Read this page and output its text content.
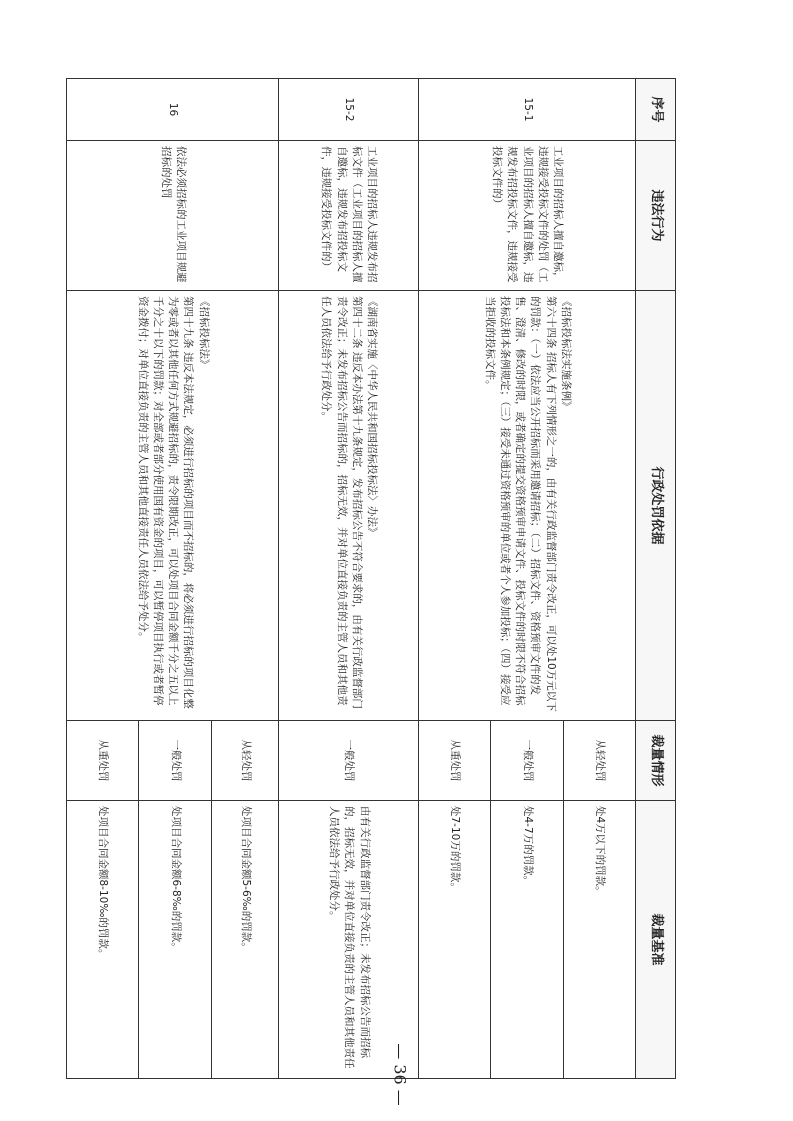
序号	违法行为	行政处罚依据	裁量情形	裁量基准
15-1	工业项目的招标人擅自邀标，违规接受投标文件的处罚（工业项目的招标人擅自邀标，违规发布招投标文件，违规接受投标文件的）	《招标投标法实施条例》
第六十四条 招标人有下列情形之一的，由有关行政监督部门责令改正，可以处10万元以下的罚款：（一）依法应当公开招标而采用邀请招标；（二）招标文件、资格预审文件的发售、澄清、修改的时限，或者确定的提交资格预审申请文件、投标文件的时限不符合招标投标法和本条例规定；（三）接受未通过资格预审的单位或者个人参加投标；（四）接受应当拒收的投标文件。	从轻处罚	处4万以下的罚款。
			一般处罚	处4-7万的罚款。
			从重处罚	处7-10万的罚款。
15-2	工业项目的招标人违规发布招标文件（工业项目的招标人擅自邀标，违规发布招投标文件，违规接受投标文件的）	《湖南省实施〈中华人民共和国招标投标法〉办法》
第四十二条 违反本办法第十九条规定，发布招标公告不符合要求的，由有关行政监督部门责令改正；未发布招标公告而招标的，招标无效，并对单位直接负责的主管人员和其他责任人员依法给予行政处分。	一般处罚	由有关行政监督部门责令改正；未发布招标公告而招标的，招标无效，并对单位直接负责的主管人员和其他责任人员依法给予行政处分。
16	依法必须招标的工业项目规避招标的处罚	《招标投标法》
第四十九条 违反本法规定，必须进行招标的项目而不招标的，将必须进行招标的项目化整为零或者以其他任何方式规避招标的，责令限期改正，可以处项目合同金额千分之五以上千分之十以下的罚款；对全部或者部分使用国有资金的项目，可以暂停项目执行或者暂停资金拨付；对单位直接负责的主管人员和其他直接责任人员依法给予处分。	从轻处罚	处项目合同金额5-6‰的罚款。
			一般处罚	处项目合同金额6-8‰的罚款。
			从重处罚	处项目合同金额8-10‰的罚款。
— 36 —
